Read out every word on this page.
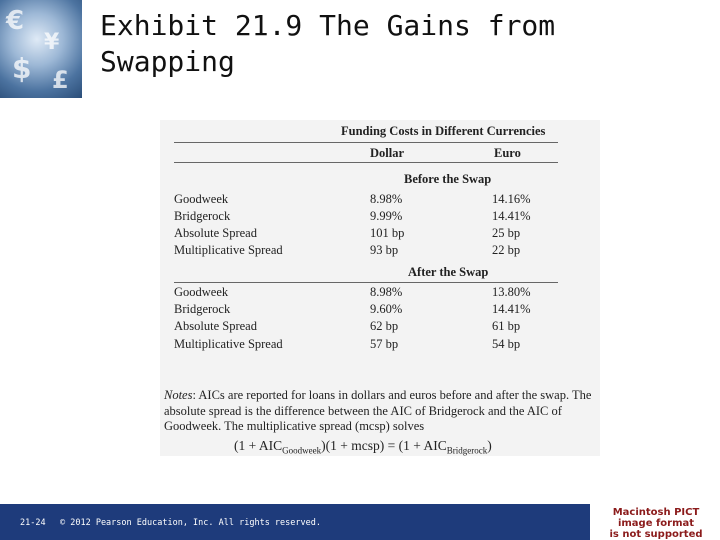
€
¥
$ £
Exhibit 21.9 The Gains from Swapping
Funding Costs in Different Currencies
Dollar	Euro
Before the Swap
Goodweek	8.98%	14.16%
Bridgerock	9.99%	14.41%
Absolute Spread	101 bp	25 bp
Multiplicative Spread	93 bp	22 bp
After the Swap
Goodweek	8.98%	13.80%
Bridgerock	9.60%	14.41%
Absolute Spread	62 bp	61 bp
Multiplicative Spread	57 bp	54 bp
Notes: AICs are reported for loans in dollars and euros before and after the swap. The absolute spread is the difference between the AIC of Bridgerock and the AIC of Goodweek. The multiplicative spread (mcsp) solves
$(1 + AIC_{Goodweek})(1$ + mcsp) = $(1 + AIC_{Bridgerock})$
21-24 © 2012 Pearson Education, Inc. All rights reserved.
Macintosh PICT
image format
is not supported
